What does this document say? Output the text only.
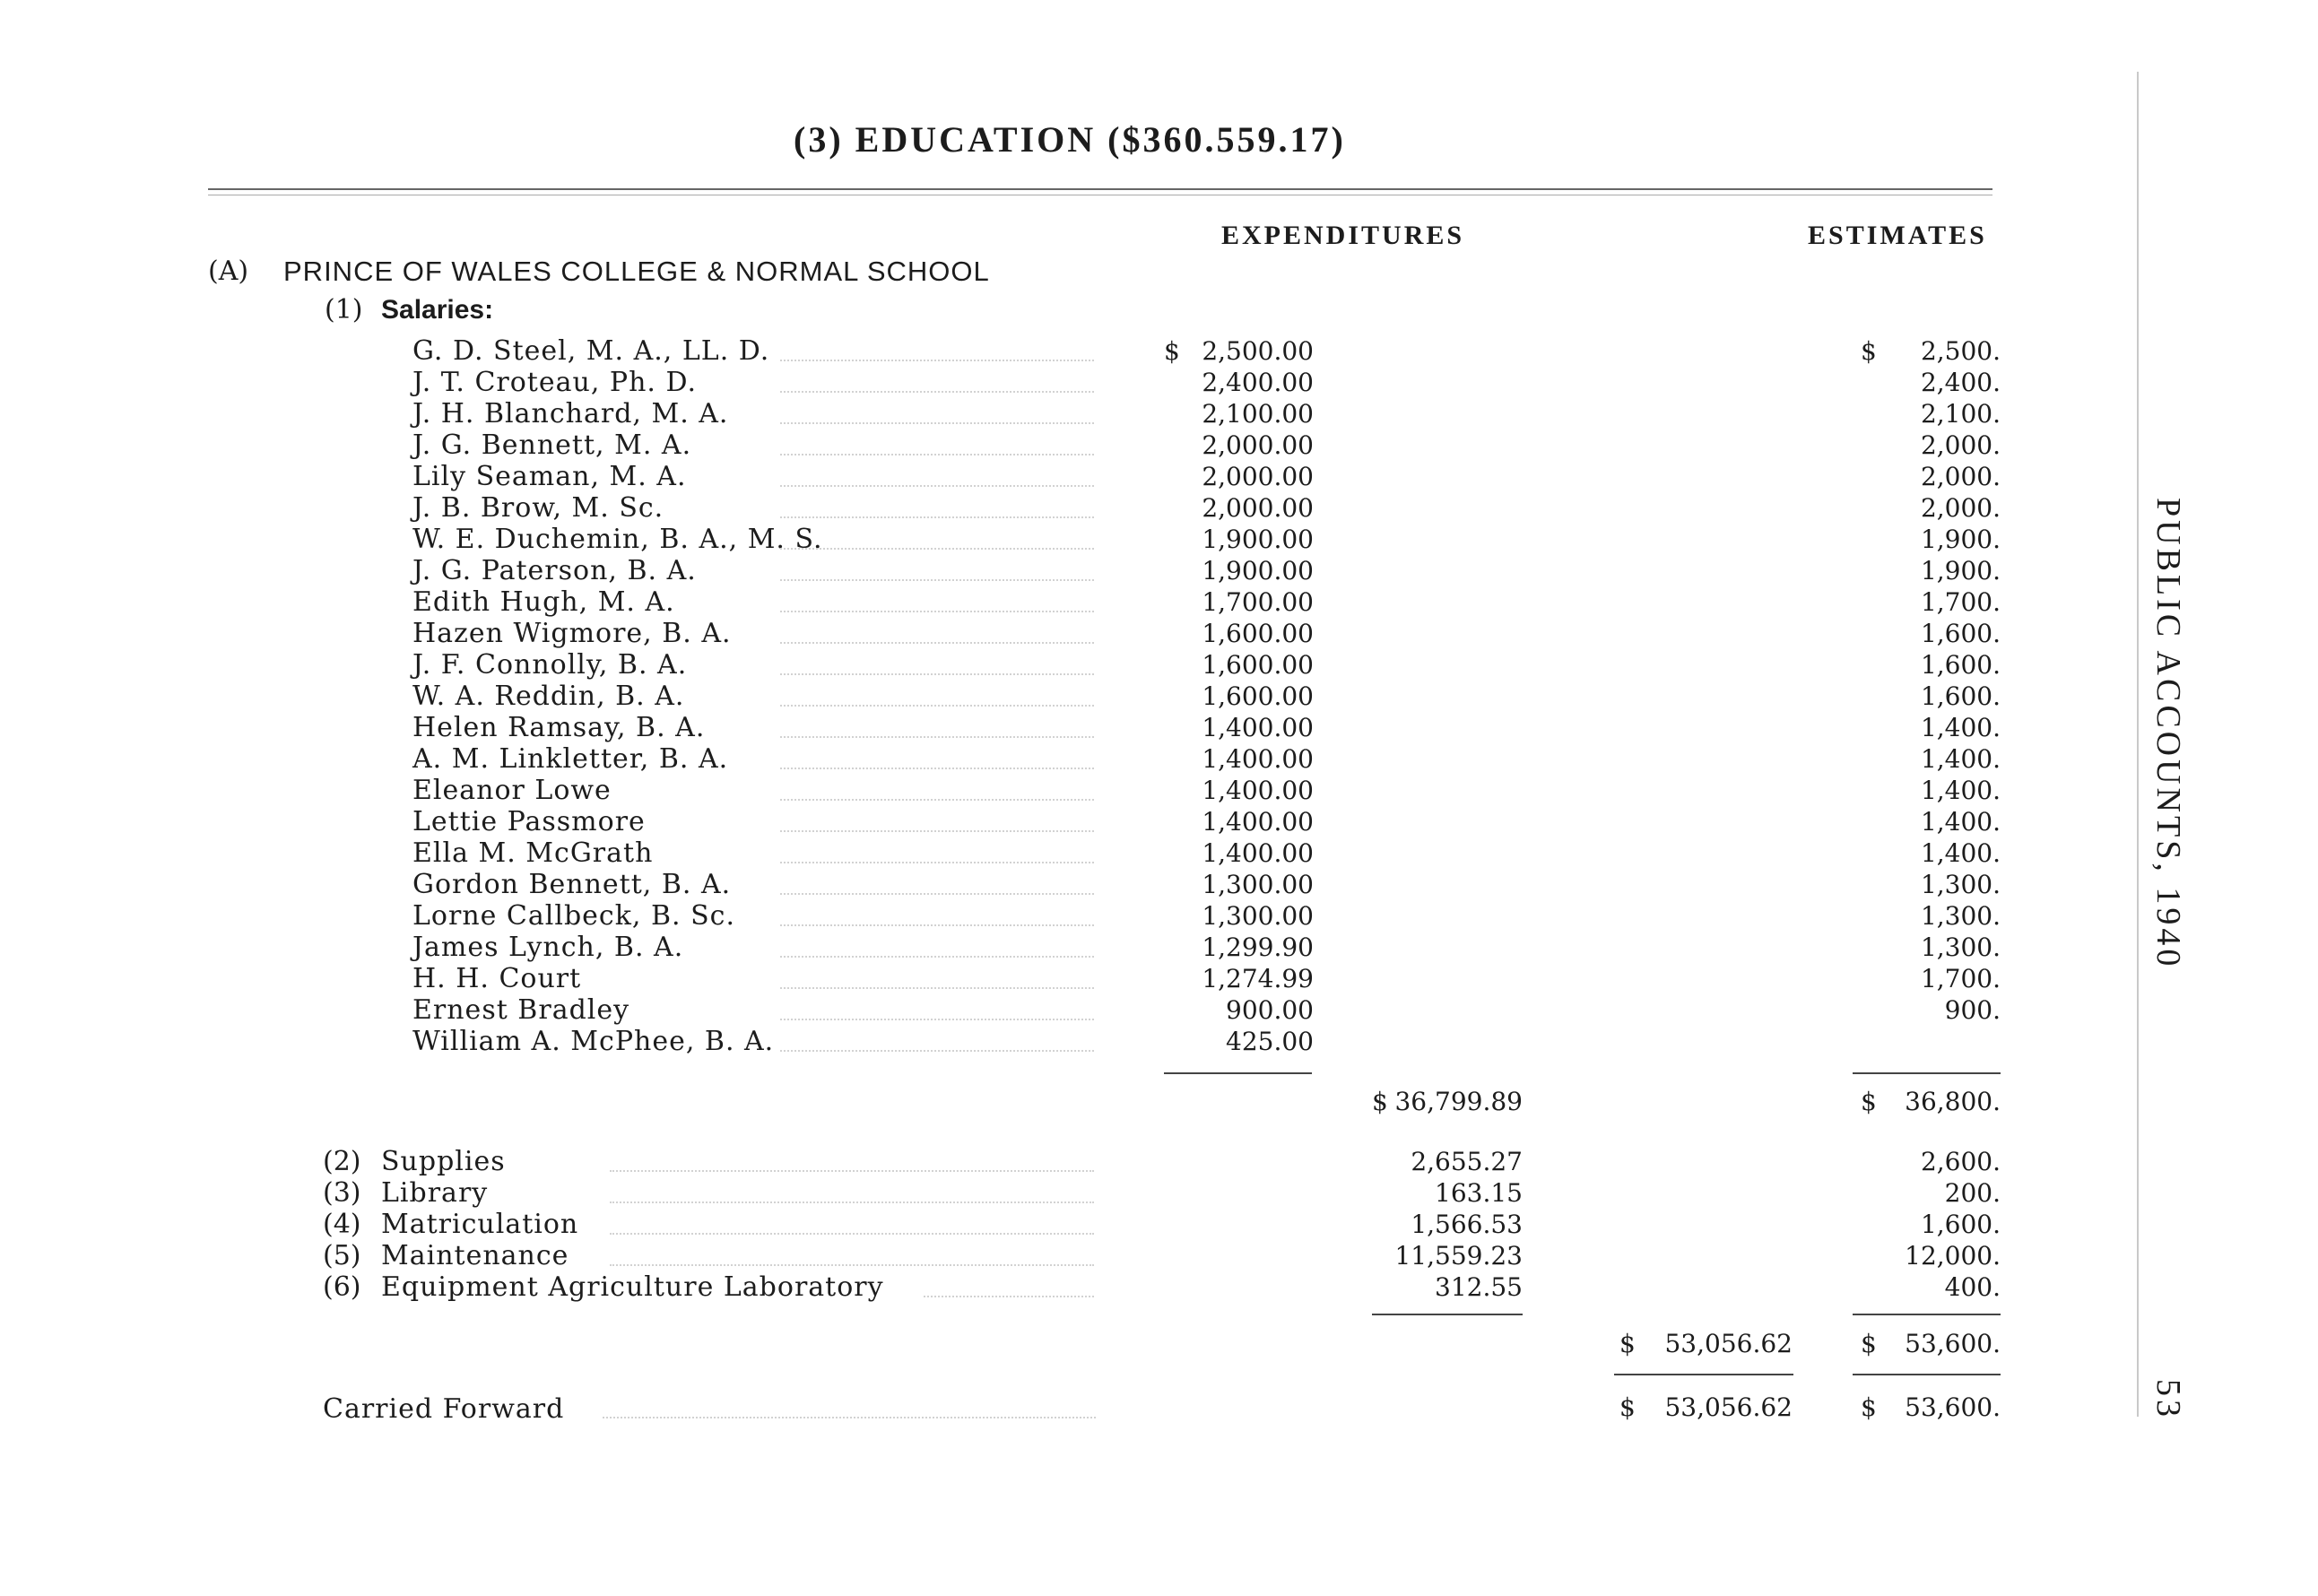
(3) EDUCATION ($360.559.17)
EXPENDITURES	ESTIMATES
(A) PRINCE OF WALES COLLEGE & NORMAL SCHOOL
(1) Salaries:
G. D. Steel, M. A., LL. D.	$ 2,500.00	$ 2,500.
J. T. Croteau, Ph. D.	2,400.00	2,400.
J. H. Blanchard, M. A.	2,100.00	2,100.
J. G. Bennett, M. A.	2,000.00	2,000.
Lily Seaman, M. A.	2,000.00	2,000.
J. B. Brow, M. Sc.	2,000.00	2,000.
W. E. Duchemin, B. A., M. S.	1,900.00	1,900.
J. G. Paterson, B. A.	1,900.00	1,900.
Edith Hugh, M. A.	1,700.00	1,700.
Hazen Wigmore, B. A.	1,600.00	1,600.
J. F. Connolly, B. A.	1,600.00	1,600.
W. A. Reddin, B. A.	1,600.00	1,600.
Helen Ramsay, B. A.	1,400.00	1,400.
A. M. Linkletter, B. A.	1,400.00	1,400.
Eleanor Lowe	1,400.00	1,400.
Lettie Passmore	1,400.00	1,400.
Ella M. McGrath	1,400.00	1,400.
Gordon Bennett, B. A.	1,300.00	1,300.
Lorne Callbeck, B. Sc.	1,300.00	1,300.
James Lynch, B. A.	1,299.90	1,300.
H. H. Court	1,274.99	1,700.
Ernest Bradley	900.00	900.
William A. McPhee, B. A.	425.00
$ 36,799.89	$ 36,800.
(2) Supplies	2,655.27	2,600.
(3) Library	163.15	200.
(4) Matriculation	1,566.53	1,600.
(5) Maintenance	11,559.23	12,000.
(6) Equipment Agriculture Laboratory	312.55	400.
$ 53,056.62	$ 53,600.
Carried Forward	$ 53,056.62	$ 53,600.
PUBLIC ACCOUNTS, 1940
53
